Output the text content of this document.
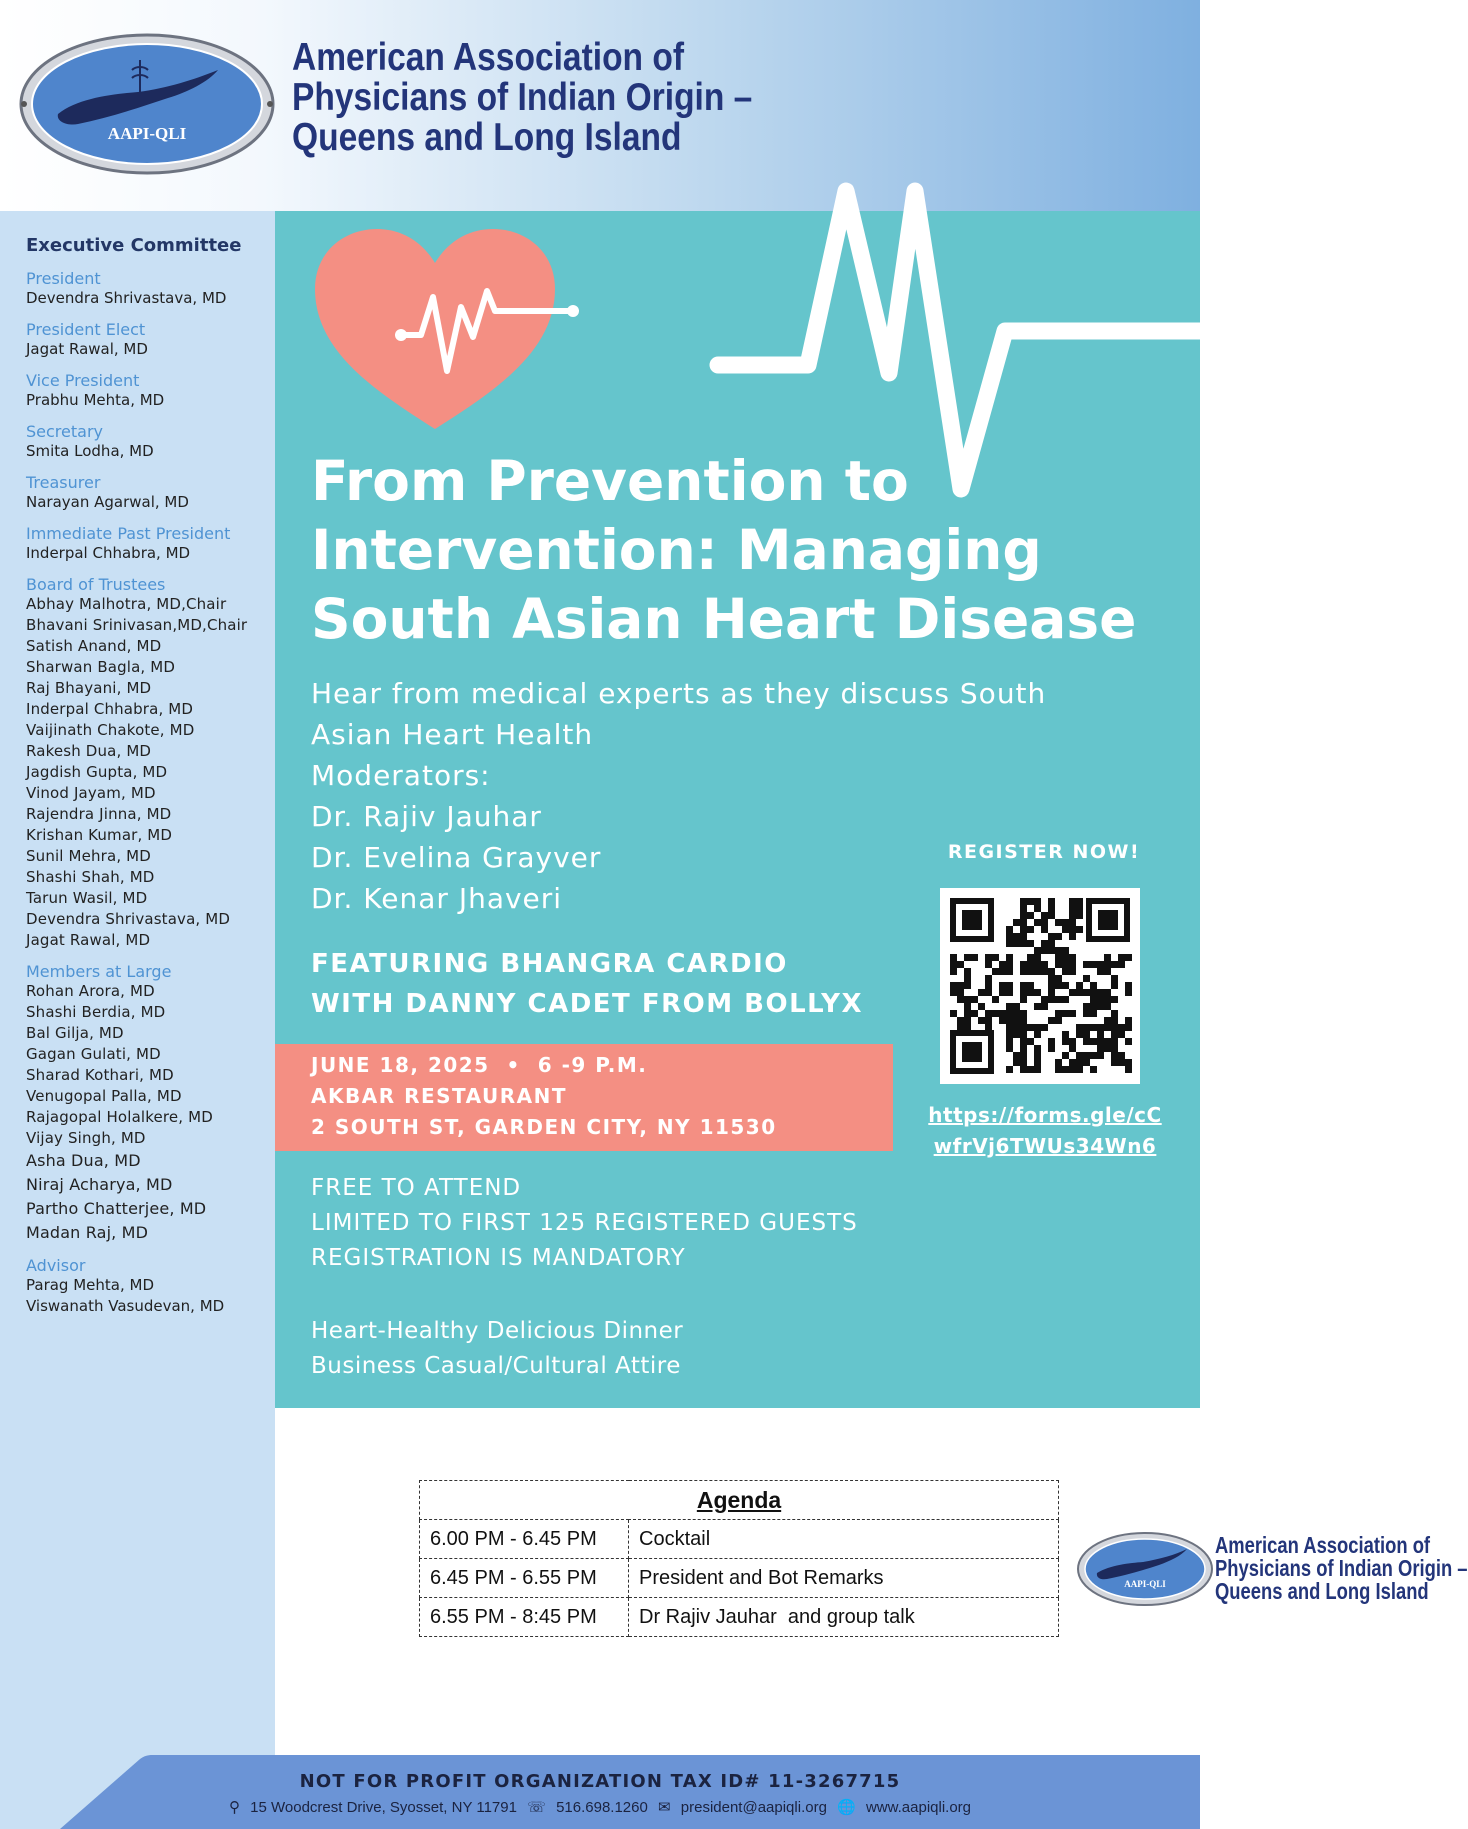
AAPI-QLI
American Association of
Physicians of Indian Origin –
Queens and Long Island
Executive Committee
President
Devendra Shrivastava, MD
President Elect
Jagat Rawal, MD
Vice President
Prabhu Mehta, MD
Secretary
Smita Lodha, MD
Treasurer
Narayan Agarwal, MD
Immediate Past President
Inderpal Chhabra, MD
Board of Trustees
Abhay Malhotra, MD,Chair
Bhavani Srinivasan,MD,Chair
Satish Anand, MD
Sharwan Bagla, MD
Raj Bhayani, MD
Inderpal Chhabra, MD
Vaijinath Chakote, MD
Rakesh Dua, MD
Jagdish Gupta, MD
Vinod Jayam, MD
Rajendra Jinna, MD
Krishan Kumar, MD
Sunil Mehra, MD
Shashi Shah, MD
Tarun Wasil, MD
Devendra Shrivastava, MD
Jagat Rawal, MD
Members at Large
Rohan Arora, MD
Shashi Berdia, MD
Bal Gilja, MD
Gagan Gulati, MD
Sharad Kothari, MD
Venugopal Palla, MD
Rajagopal Holalkere, MD
Vijay Singh, MD
Asha Dua, MD
Niraj Acharya, MD
Partho Chatterjee, MD
Madan Raj, MD
Advisor
Parag Mehta, MD
Viswanath Vasudevan, MD
From Prevention to
Intervention: Managing
South Asian Heart Disease
Hear from medical experts as they discuss South
Asian Heart Health
Moderators:
Dr. Rajiv Jauhar
Dr. Evelina Grayver
Dr. Kenar Jhaveri
FEATURING BHANGRA CARDIO
WITH DANNY CADET FROM BOLLYX
JUNE 18, 2025  •  6 -9 P.M.
AKBAR RESTAURANT
2 SOUTH ST, GARDEN CITY, NY 11530
FREE TO ATTEND
LIMITED TO FIRST 125 REGISTERED GUESTS
REGISTRATION IS MANDATORY
Heart-Healthy Delicious Dinner
Business Casual/Cultural Attire
REGISTER NOW!
https://forms.gle/cC
wfrVj6TWUs34Wn6
AAPI-QLI
American Association of
Physicians of Indian Origin –
Queens and Long Island
Agenda	
6.00 PM - 6.45 PM	Cocktail
6.45 PM - 6.55 PM	President and Bot Remarks
6.55 PM - 8:45 PM	Dr Rajiv Jauhar  and group talk
NOT FOR PROFIT ORGANIZATION TAX ID# 11-3267715
⚲ 15 Woodcrest Drive, Syosset, NY 11791 ☏ 516.698.1260 ✉ president@aapiqli.org 🌐 www.aapiqli.org
